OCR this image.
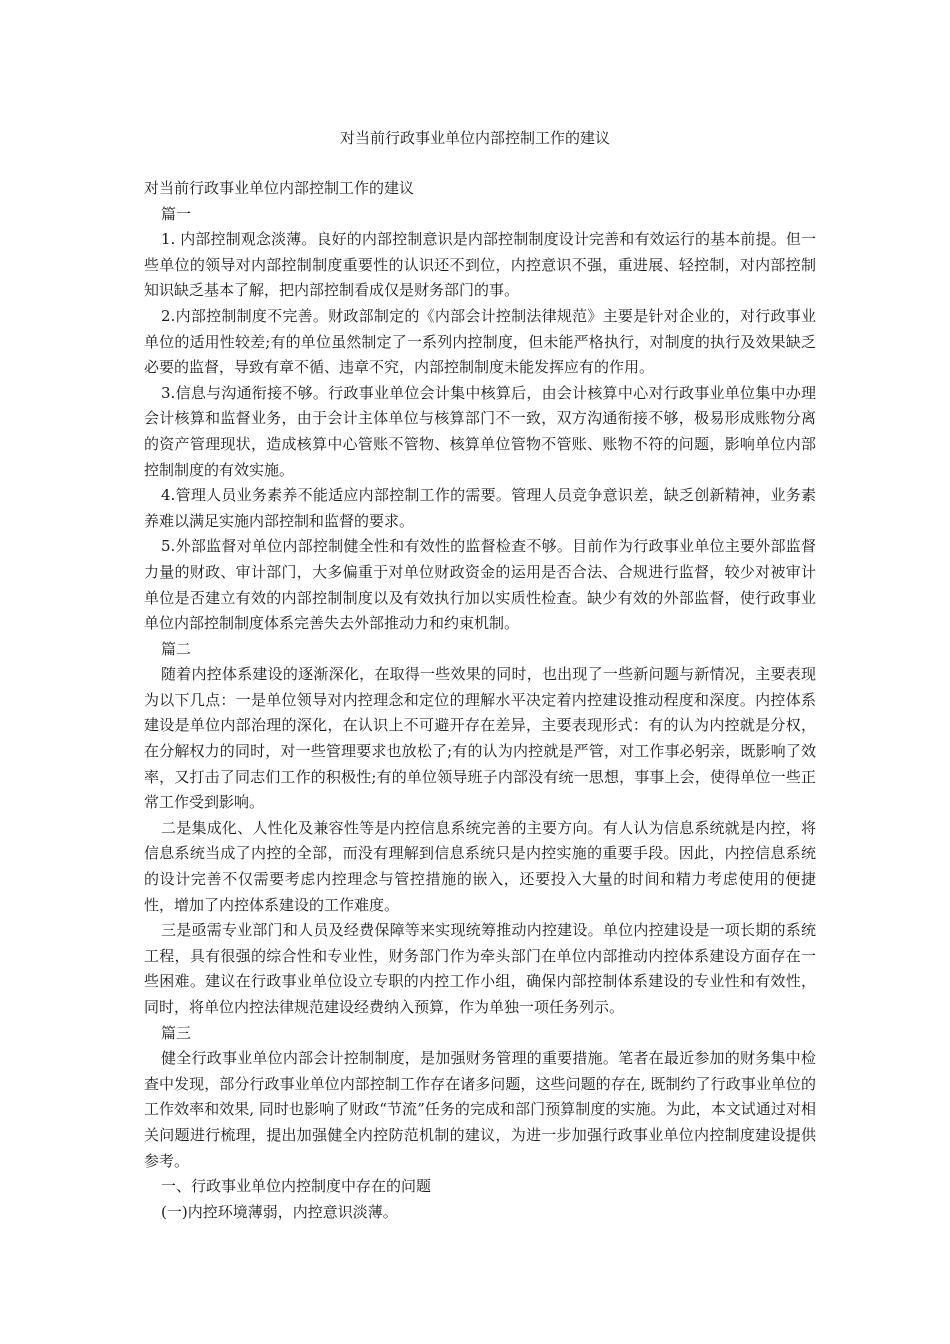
对当前行政事业单位内部控制工作的建议

对当前行政事业单位内部控制工作的建议

篇一

1. 内部控制观念淡薄。良好的内部控制意识是内部控制制度设计完善和有效运行的基本前提。但一些单位的领导对内部控制制度重要性的认识还不到位，内控意识不强，重进展、轻控制，对内部控制知识缺乏基本了解，把内部控制看成仅是财务部门的事。

2.内部控制制度不完善。财政部制定的《内部会计控制法律规范》主要是针对企业的，对行政事业单位的适用性较差;有的单位虽然制定了一系列内控制度，但未能严格执行，对制度的执行及效果缺乏必要的监督，导致有章不循、违章不究，内部控制制度未能发挥应有的作用。

3.信息与沟通衔接不够。行政事业单位会计集中核算后，由会计核算中心对行政事业单位集中办理会计核算和监督业务，由于会计主体单位与核算部门不一致，双方沟通衔接不够，极易形成账物分离的资产管理现状，造成核算中心管账不管物、核算单位管物不管账、账物不符的问题，影响单位内部控制制度的有效实施。

4.管理人员业务素养不能适应内部控制工作的需要。管理人员竞争意识差，缺乏创新精神，业务素养难以满足实施内部控制和监督的要求。

5.外部监督对单位内部控制健全性和有效性的监督检查不够。目前作为行政事业单位主要外部监督力量的财政、审计部门，大多偏重于对单位财政资金的运用是否合法、合规进行监督，较少对被审计单位是否建立有效的内部控制制度以及有效执行加以实质性检查。缺少有效的外部监督，使行政事业单位内部控制制度体系完善失去外部推动力和约束机制。

篇二

随着内控体系建设的逐渐深化，在取得一些效果的同时，也出现了一些新问题与新情况，主要表现为以下几点：一是单位领导对内控理念和定位的理解水平决定着内控建设推动程度和深度。内控体系建设是单位内部治理的深化，在认识上不可避开存在差异，主要表现形式：有的认为内控就是分权，在分解权力的同时，对一些管理要求也放松了;有的认为内控就是严管，对工作事必躬亲，既影响了效率，又打击了同志们工作的积极性;有的单位领导班子内部没有统一思想，事事上会，使得单位一些正常工作受到影响。

二是集成化、人性化及兼容性等是内控信息系统完善的主要方向。有人认为信息系统就是内控，将信息系统当成了内控的全部，而没有理解到信息系统只是内控实施的重要手段。因此，内控信息系统的设计完善不仅需要考虑内控理念与管控措施的嵌入，还要投入大量的时间和精力考虑使用的便捷性，增加了内控体系建设的工作难度。

三是亟需专业部门和人员及经费保障等来实现统筹推动内控建设。单位内控建设是一项长期的系统工程，具有很强的综合性和专业性，财务部门作为牵头部门在单位内部推动内控体系建设方面存在一些困难。建议在行政事业单位设立专职的内控工作小组，确保内部控制体系建设的专业性和有效性，同时，将单位内控法律规范建设经费纳入预算，作为单独一项任务列示。

篇三

健全行政事业单位内部会计控制制度，是加强财务管理的重要措施。笔者在最近参加的财务集中检查中发现，部分行政事业单位内部控制工作存在诸多问题，这些问题的存在, 既制约了行政事业单位的工作效率和效果, 同时也影响了财政“节流”任务的完成和部门预算制度的实施。为此，本文试通过对相关问题进行梳理，提出加强健全内控防范机制的建议，为进一步加强行政事业单位内控制度建设提供参考。

一、行政事业单位内控制度中存在的问题

(一)内控环境薄弱，内控意识淡薄。
